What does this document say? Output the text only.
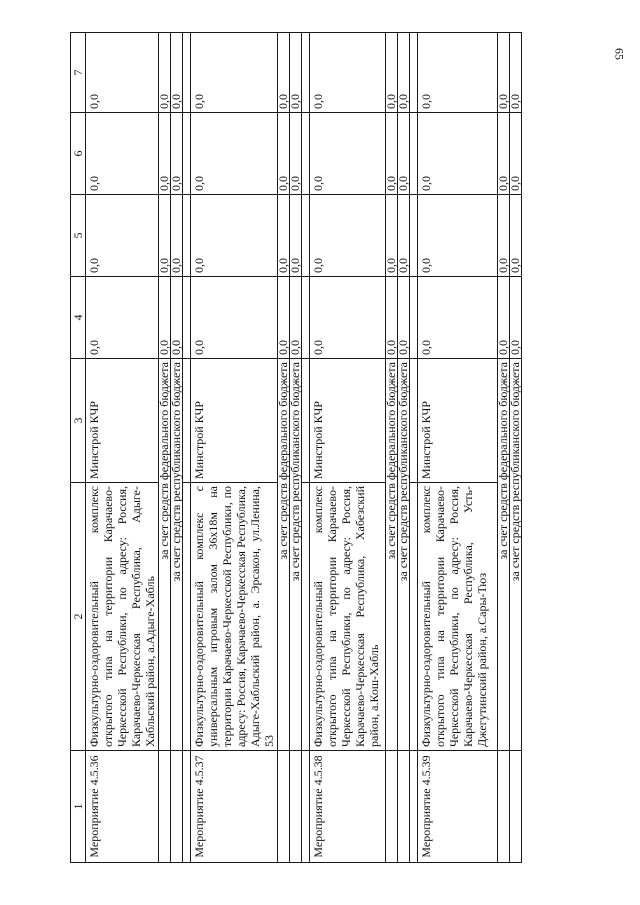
65
1	2	3	4	5	6	7
Мероприятие 4.5.36	Физкультурно-оздоровительный комплекс открытого типа на территории Карачаево-Черкесской Республики, по адресу: Россия, Карачаево-Черкесская Республика, Адыге-Хабльский район, а.Адыге-Хабль	Минстрой КЧР	0,0	0,0	0,0	0,0
	за счет средств федерального бюджета		0,0	0,0	0,0	0,0
	за счет средств республиканского бюджета		0,0	0,0	0,0	0,0

Мероприятие 4.5.37	Физкультурно-оздоровительный комплекс с универсальным игровым залом 36х18м на территории Карачаево-Черкесской Республики, по адресу: Россия, Карачаево-Черкесская Республика, Адыге-Хабльский район, а. Эрсакон, ул.Ленина, 53	Минстрой КЧР	0,0	0,0	0,0	0,0
	за счет средств федерального бюджета		0,0	0,0	0,0	0,0
	за счет средств республиканского бюджета		0,0	0,0	0,0	0,0

Мероприятие 4.5.38	Физкультурно-оздоровительный комплекс открытого типа на территории Карачаево-Черкесской Республики, по адресу: Россия, Карачаево-Черкесская Республика, Хабезский район, а.Кош-Хабль	Минстрой КЧР	0,0	0,0	0,0	0,0
	за счет средств федерального бюджета		0,0	0,0	0,0	0,0
	за счет средств республиканского бюджета		0,0	0,0	0,0	0,0

Мероприятие 4.5.39	Физкультурно-оздоровительный комплекс открытого типа на территории Карачаево-Черкесской Республики, по адресу: Россия, Карачаево-Черкесская Республика, Усть-Джегутинский район, а.Сары-Тюз	Минстрой КЧР	0,0	0,0	0,0	0,0
	за счет средств федерального бюджета		0,0	0,0	0,0	0,0
	за счет средств республиканского бюджета		0,0	0,0	0,0	0,0
